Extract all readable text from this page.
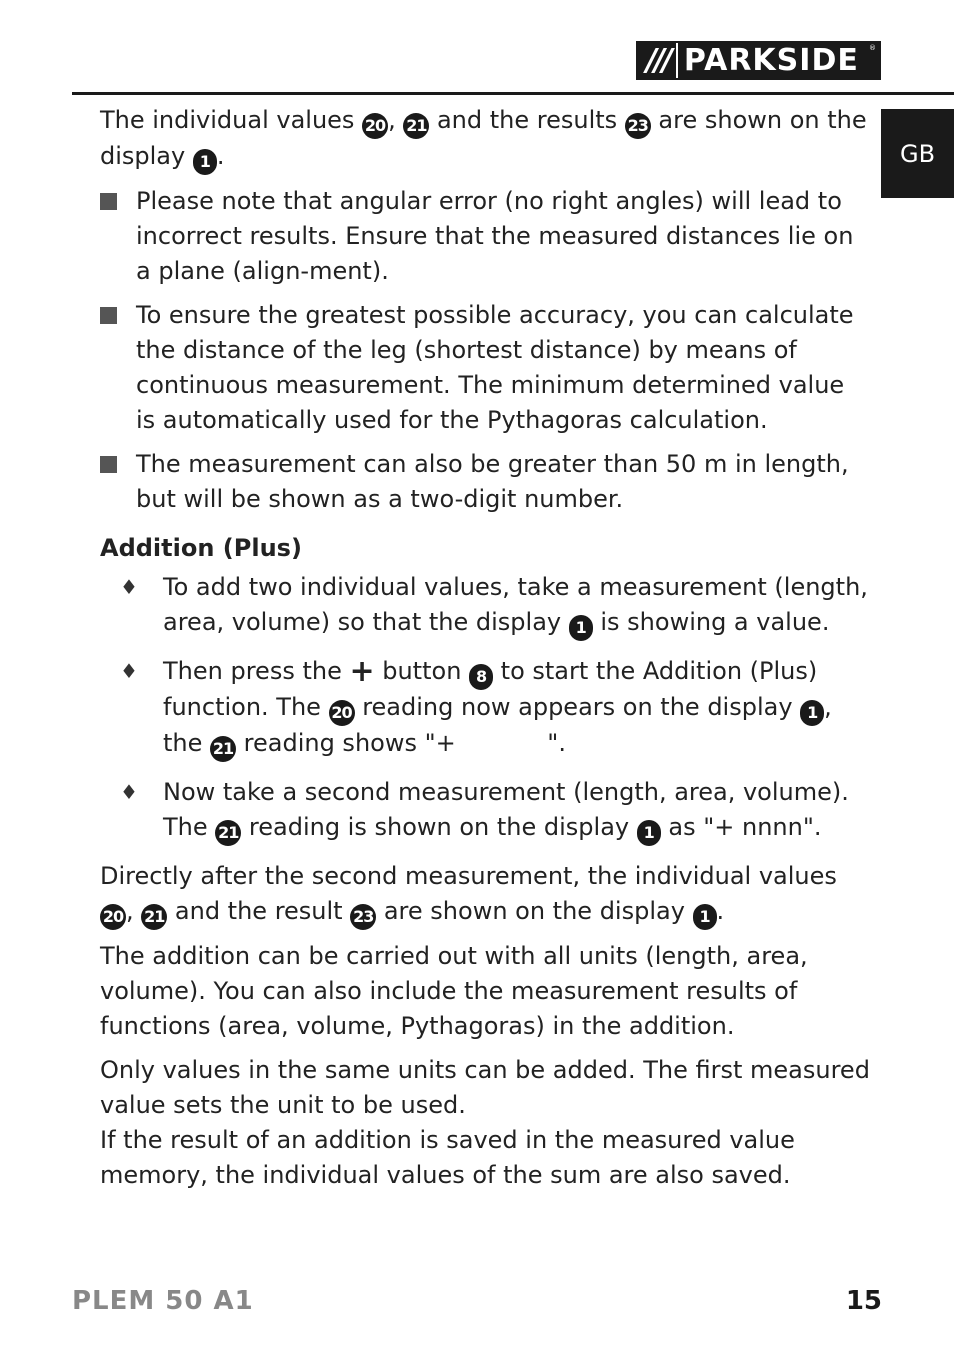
/// PARKSIDE	®
GB

The individual values 20 , 21 and the results 23 are shown on the display 1 .

Please note that angular error (no right angles) will lead to incorrect results. Ensure that the measured distances lie on a plane (align-ment).
To ensure the greatest possible accuracy, you can calculate the distance of the leg (shortest distance) by means of continuous measurement. The minimum determined value is automatically used for the Pythagoras calculation.
The measurement can also be greater than 50 m in length, but will be shown as a two-digit number.
Addition (Plus)
♦ To add two individual values, take a measurement (length, area, volume) so that the display 1 is showing a value.
♦ Then press the + button 8 to start the Addition (Plus) function. The 20 reading now appears on the display 1 , the 21 reading shows "+            ".
♦ Now take a second measurement (length, area, volume). The 21 reading is shown on the display 1 as "+ nnnn".

Directly after the second measurement, the individual values 20 , 21 and the result 23 are shown on the display 1 .

The addition can be carried out with all units (length, area, volume). You can also include the measurement results of functions (area, volume, Pythagoras) in the addition.

Only values in the same units can be added. The first measured value sets the unit to be used.

If the result of an addition is saved in the measured value memory, the individual values of the sum are also saved.

PLEM 50 A1	15
